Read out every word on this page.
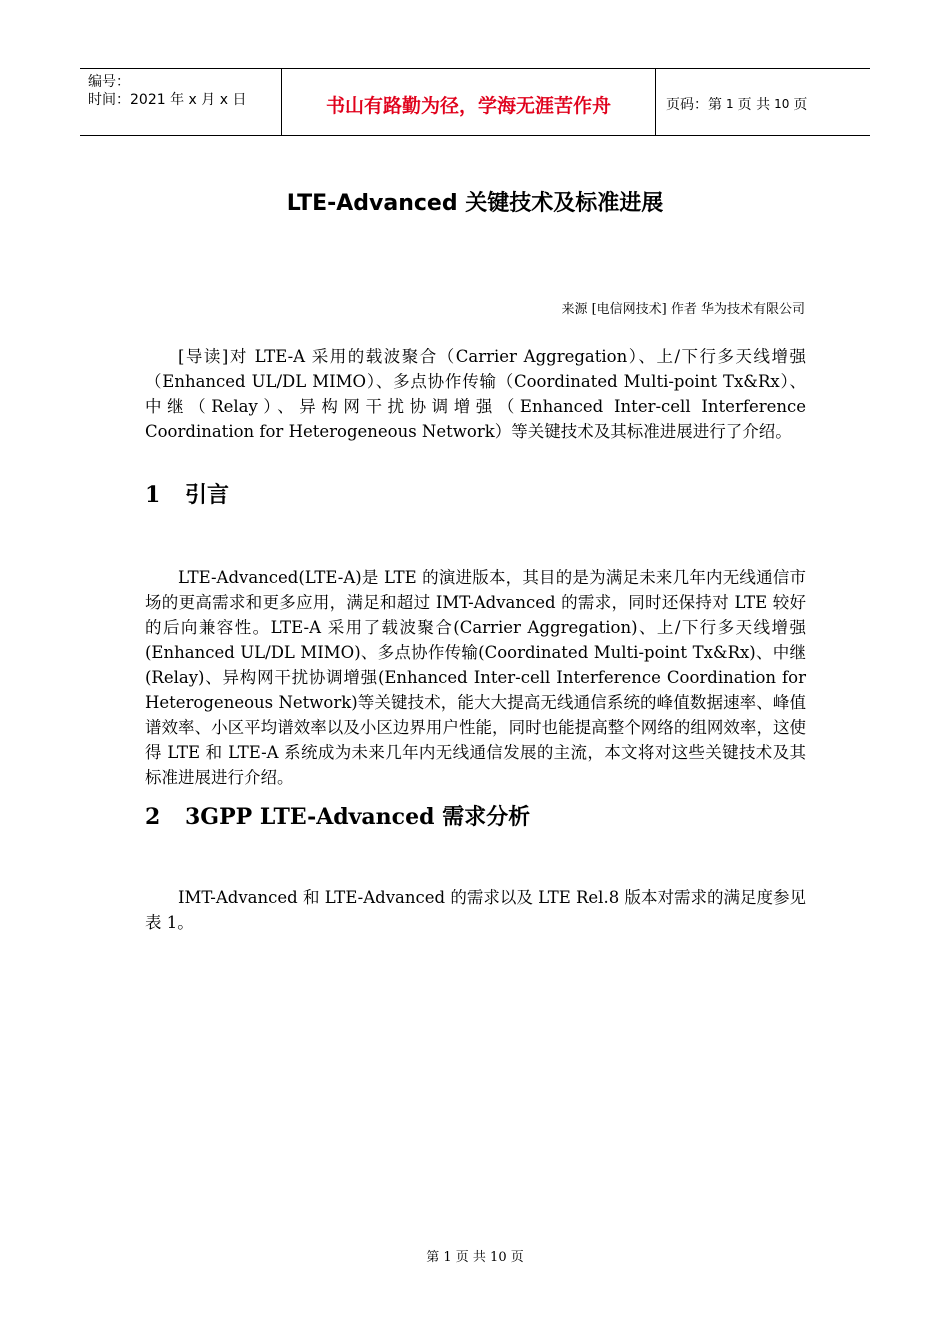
编号：
时间：2021 年 x 月 x 日	书山有路勤为径，学海无涯苦作舟	页码：第 1 页 共 10 页
LTE-Advanced 关键技术及标准进展
来源 [电信网技术] 作者 华为技术有限公司
[导读]对 LTE-A 采用的载波聚合（Carrier Aggregation）、上/下行多天线增强（Enhanced UL/DL MIMO）、多点协作传输（Coordinated Multi-point Tx&Rx）、中继（Relay）、异构网干扰协调增强（Enhanced Inter-cell Interference Coordination for Heterogeneous Network）等关键技术及其标准进展进行了介绍。
1 引言
LTE-Advanced(LTE-A)是 LTE 的演进版本，其目的是为满足未来几年内无线通信市场的更高需求和更多应用，满足和超过 IMT-Advanced 的需求，同时还保持对 LTE 较好的后向兼容性。LTE-A 采用了载波聚合(Carrier Aggregation)、上/下行多天线增强(Enhanced UL/DL MIMO)、多点协作传输(Coordinated Multi-point Tx&Rx)、中继(Relay)、异构网干扰协调增强(Enhanced Inter-cell Interference Coordination for Heterogeneous Network)等关键技术，能大大提高无线通信系统的峰值数据速率、峰值谱效率、小区平均谱效率以及小区边界用户性能，同时也能提高整个网络的组网效率，这使得 LTE 和 LTE-A 系统成为未来几年内无线通信发展的主流，本文将对这些关键技术及其标准进展进行介绍。
2 3GPP LTE-Advanced 需求分析
IMT-Advanced 和 LTE-Advanced 的需求以及 LTE Rel.8 版本对需求的满足度参见表 1。
第 1 页 共 10 页
